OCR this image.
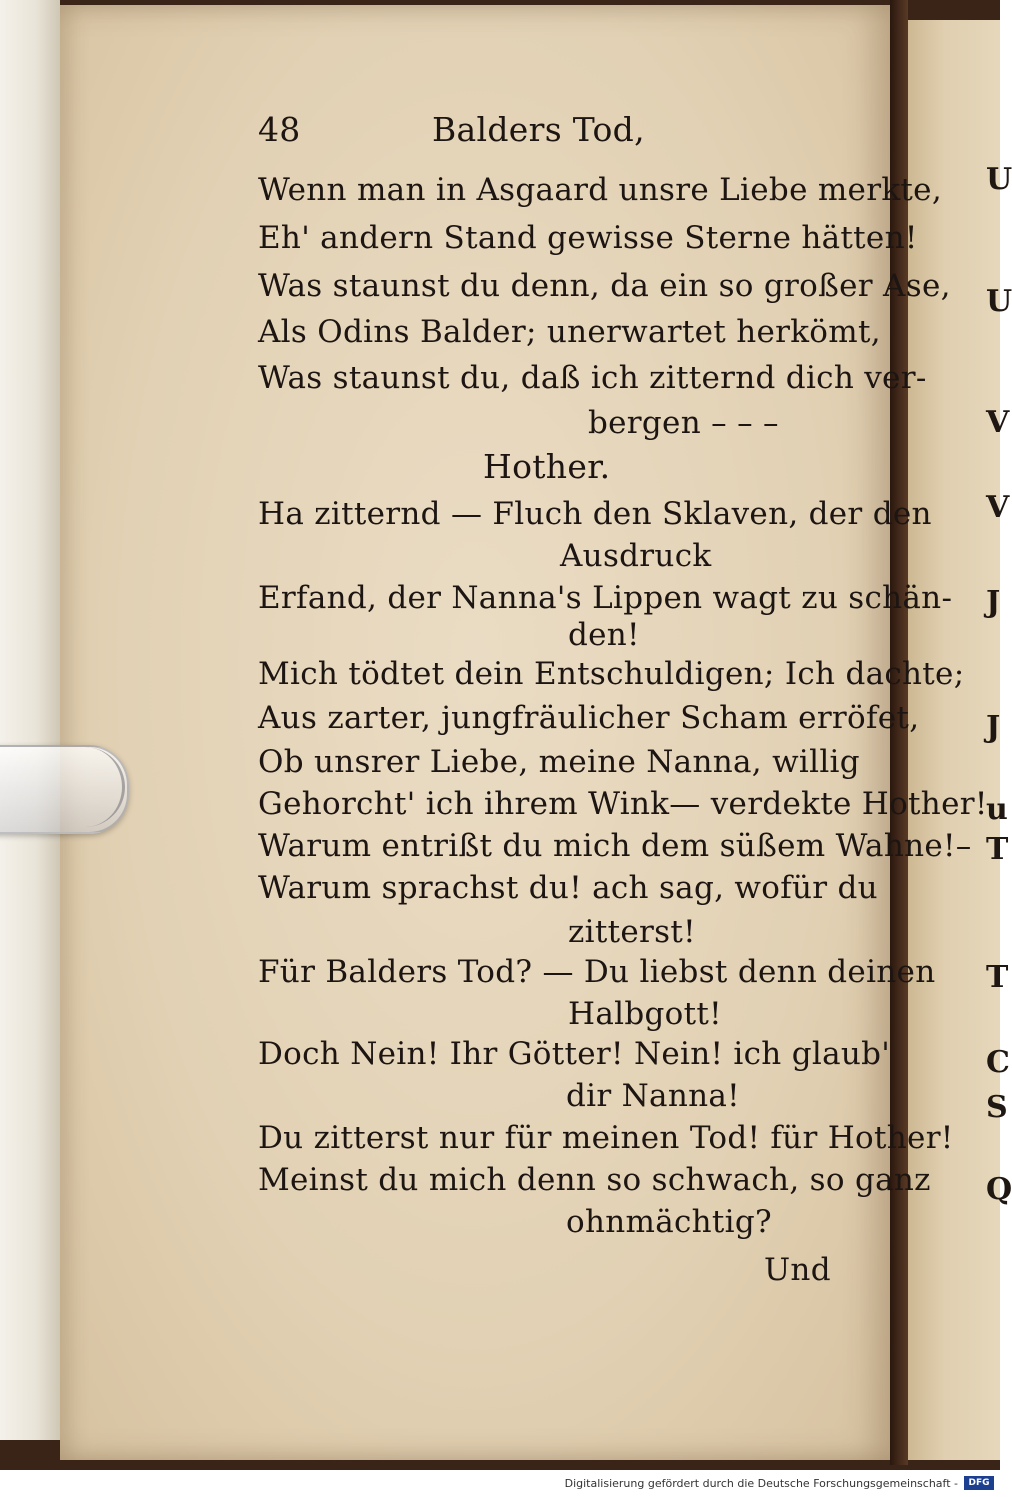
U
U
V
V
J
J
u
T
T
C
S
Q
48	Balders Tod,
Wenn man in Asgaard unsre Liebe merkte,
Eh' andern Stand gewisse Sterne hätten!
Was staunst du denn, da ein so großer Ase,
Als Odins Balder; unerwartet herkömt,
Was staunst du, daß ich zitternd dich ver-
bergen – – –
Hother.
Ha zitternd — Fluch den Sklaven, der den
Ausdruck
Erfand, der Nanna's Lippen wagt zu schän-
den!
Mich tödtet dein Entschuldigen; Ich dachte;
Aus zarter, jungfräulicher Scham erröfet,
Ob unsrer Liebe, meine Nanna, willig
Gehorcht' ich ihrem Wink— verdekte Hother!
Warum entrißt du mich dem süßem Wahne!–
Warum sprachst du! ach sag, wofür du
zitterst!
Für Balders Tod? — Du liebst denn deinen
Halbgott!
Doch Nein! Ihr Götter! Nein! ich glaub'
dir Nanna!
Du zitterst nur für meinen Tod! für Hother!
Meinst du mich denn so schwach, so ganz
ohnmächtig?
Und
Digitalisierung gefördert durch die Deutsche Forschungsgemeinschaft -	DFG
